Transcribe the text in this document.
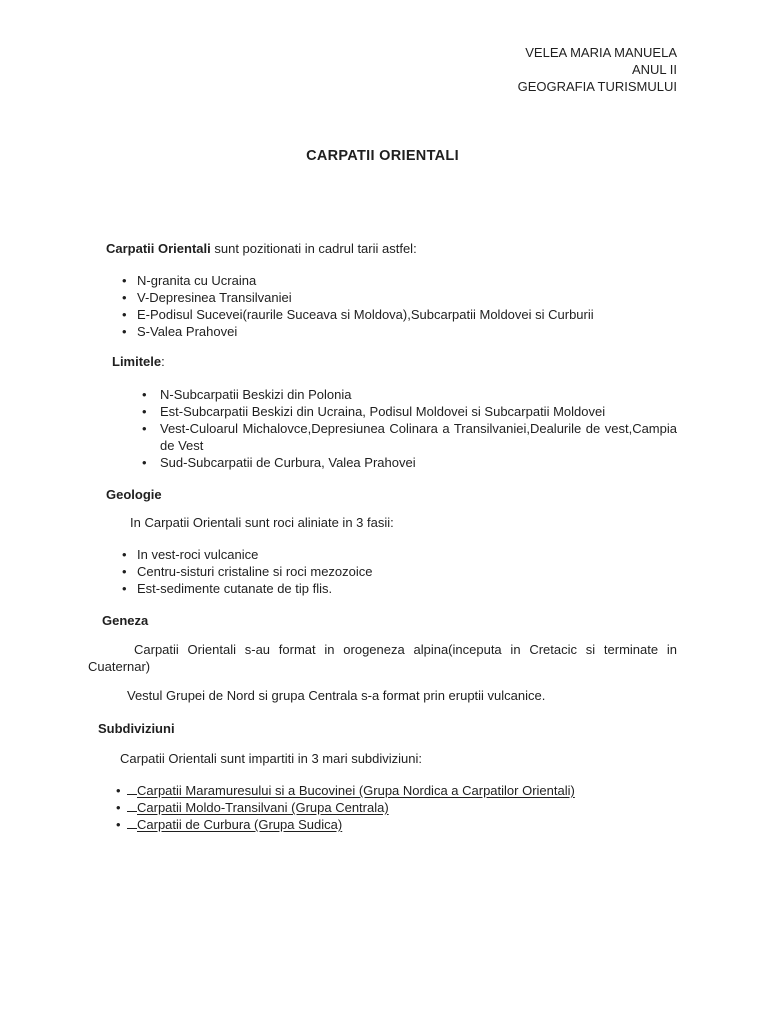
VELEA MARIA MANUELA
ANUL II
GEOGRAFIA TURISMULUI
CARPATII ORIENTALI

Carpatii Orientali sunt pozitionati in cadrul tarii astfel:

• N-granita cu Ucraina
• V-Depresinea Transilvaniei
• E-Podisul Sucevei(raurile Suceava si Moldova),Subcarpatii Moldovei si Curburii
• S-Valea Prahovei

Limitele:

• N-Subcarpatii Beskizi din Polonia
• Est-Subcarpatii Beskizi din Ucraina, Podisul Moldovei si Subcarpatii Moldovei
• Vest-Culoarul Michalovce,Depresiunea Colinara a Transilvaniei,Dealurile de vest,Campia de Vest
• Sud-Subcarpatii de Curbura, Valea Prahovei

Geologie

In Carpatii Orientali sunt roci aliniate in 3 fasii:

• In vest-roci vulcanice
• Centru-sisturi cristaline si roci mezozoice
• Est-sedimente cutanate de tip flis.

Geneza

Carpatii Orientali s-au format in orogeneza alpina(inceputa in Cretacic si terminate in Cuaternar)

Vestul Grupei de Nord si grupa Centrala s-a format prin eruptii vulcanice.

Subdiviziuni

Carpatii Orientali sunt impartiti in 3 mari subdiviziuni:

• Carpatii Maramuresului si a Bucovinei (Grupa Nordica a Carpatilor Orientali)
• Carpatii Moldo-Transilvani (Grupa Centrala)
• Carpatii de Curbura (Grupa Sudica)
